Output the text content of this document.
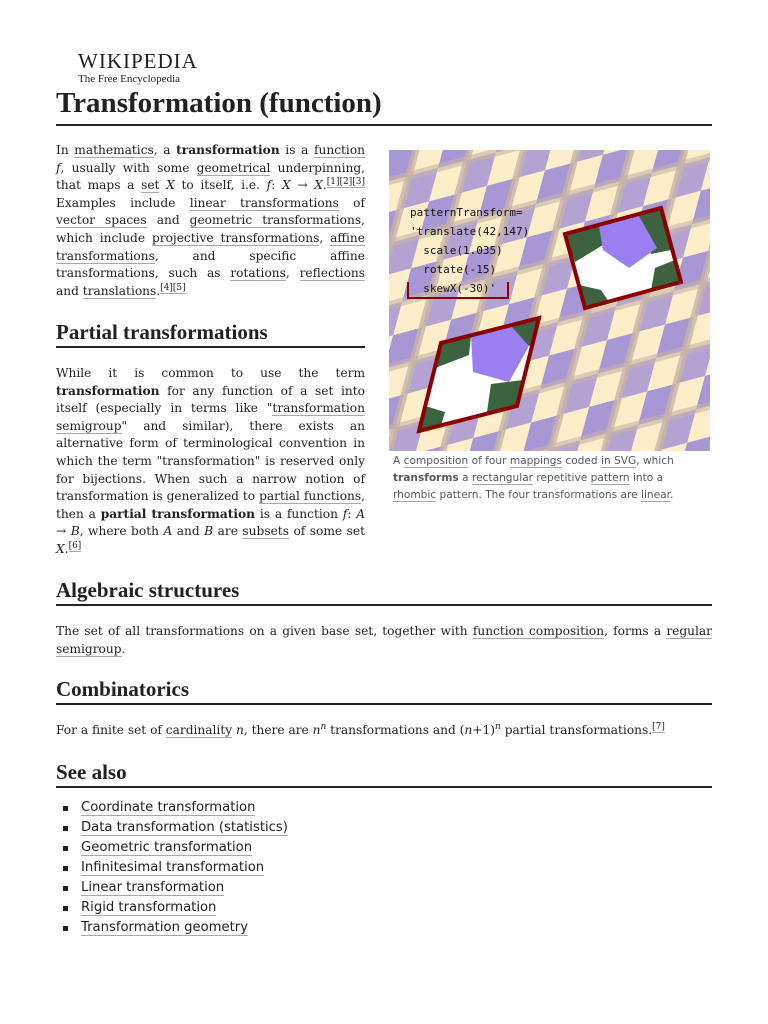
WIKIPEDIA
The Free Encyclopedia
Transformation (function)

In mathematics, a transformation is a function f, usually with some geometrical underpinning, that maps a set X to itself, i.e. f: X → X.[1][2][3] Examples include linear transformations of vector spaces and geometric transformations, which include projective transformations, affine transformations, and specific affine transformations, such as rotations, reflections and translations.[4][5]

Partial transformations

While it is common to use the term transformation for any function of a set into itself (especially in terms like "transformation semigroup" and similar), there exists an alternative form of terminological convention in which the term "transformation" is reserved only for bijections. When such a narrow notion of transformation is generalized to partial functions, then a partial transformation is a function f: A → B, where both A and B are subsets of some set X.[6]

patternTransform=
'translate(42,147)
scale(1.035)
rotate(-15)
skewX(-30)'

A composition of four mappings coded in SVG, which transforms a rectangular repetitive pattern into a rhombic pattern. The four transformations are linear.

Algebraic structures

The set of all transformations on a given base set, together with function composition, forms a regular semigroup.

Combinatorics

For a finite set of cardinality n, there are $n^n$ transformations and $(n+1)^n$ partial transformations.[7]

See also
Coordinate transformation
Data transformation (statistics)
Geometric transformation
Infinitesimal transformation
Linear transformation
Rigid transformation
Transformation geometry
